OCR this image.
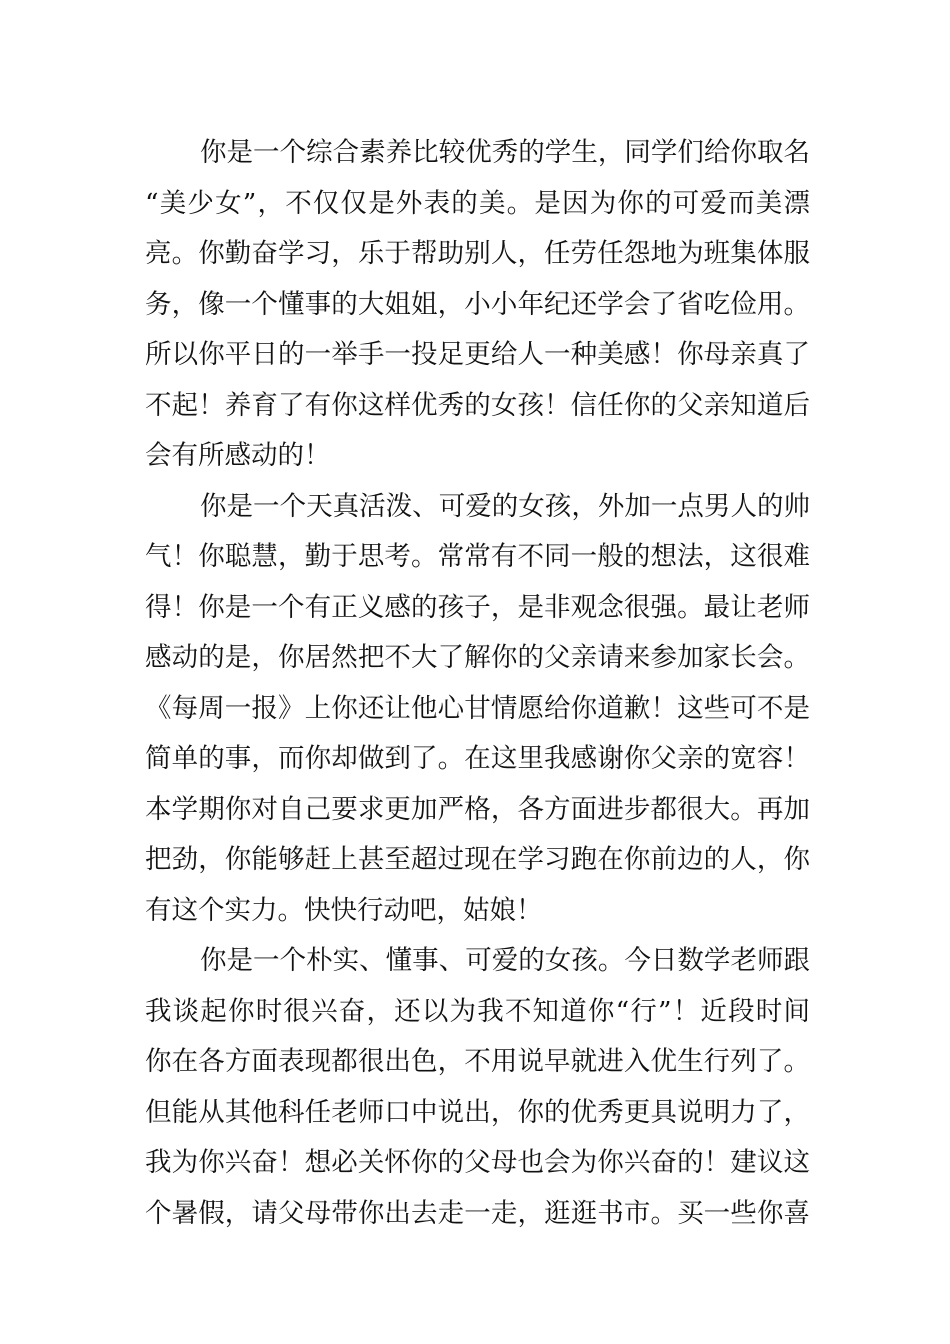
你是一个综合素养比较优秀的学生，同学们给你取名
“美少女”，不仅仅是外表的美。是因为你的可爱而美漂
亮。你勤奋学习，乐于帮助别人，任劳任怨地为班集体服
务，像一个懂事的大姐姐，小小年纪还学会了省吃俭用。
所以你平日的一举手一投足更给人一种美感！你母亲真了
不起！养育了有你这样优秀的女孩！信任你的父亲知道后
会有所感动的！
你是一个天真活泼、可爱的女孩，外加一点男人的帅
气！你聪慧，勤于思考。常常有不同一般的想法，这很难
得！你是一个有正义感的孩子，是非观念很强。最让老师
感动的是，你居然把不大了解你的父亲请来参加家长会。
《每周一报》上你还让他心甘情愿给你道歉！这些可不是
简单的事，而你却做到了。在这里我感谢你父亲的宽容！
本学期你对自己要求更加严格，各方面进步都很大。再加
把劲，你能够赶上甚至超过现在学习跑在你前边的人，你
有这个实力。快快行动吧，姑娘！
你是一个朴实、懂事、可爱的女孩。今日数学老师跟
我谈起你时很兴奋，还以为我不知道你“行”！近段时间
你在各方面表现都很出色，不用说早就进入优生行列了。
但能从其他科任老师口中说出，你的优秀更具说明力了，
我为你兴奋！想必关怀你的父母也会为你兴奋的！建议这
个暑假，请父母带你出去走一走，逛逛书市。买一些你喜
